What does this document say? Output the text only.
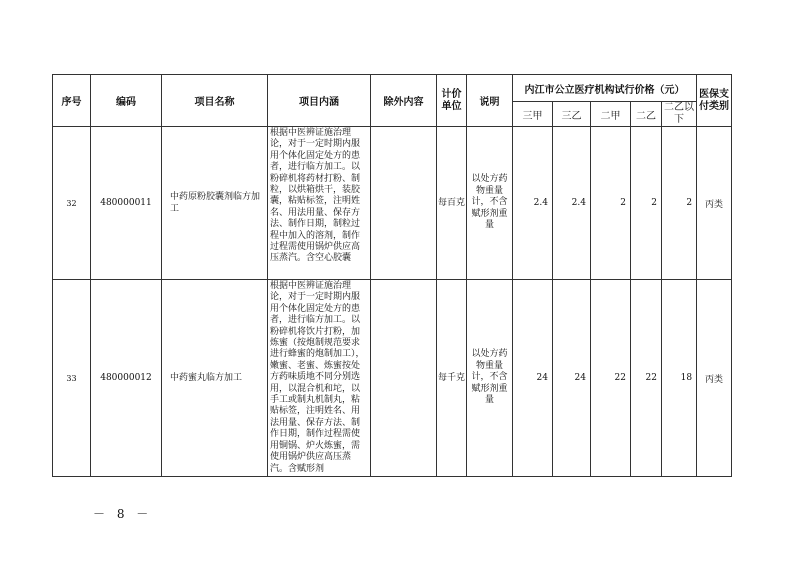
序号	编码	项目名称	项目内涵	除外内容	计价单位	说明	内江市公立医疗机构试行价格（元）					医保支付类别
							三甲	三乙	二甲	二乙	二乙以下	
32	480000011	中药原粉胶囊剂临方加工	根据中医辨证施治理论，对于一定时期内服用个体化固定处方的患者，进行临方加工。以粉碎机将药材打粉、制粒，以烘箱烘干，装胶囊，粘贴标签，注明姓名、用法用量、保存方法、制作日期，制粒过程中加入的溶剂，制作过程需使用锅炉供应高压蒸汽。含空心胶囊		每百克	以处方药物重量计，不含赋形剂重量	2.4	2.4	2	2	2	丙类
33	480000012	中药蜜丸临方加工	根据中医辨证施治理论，对于一定时期内服用个体化固定处方的患者，进行临方加工。以粉碎机将饮片打粉，加炼蜜（按炮制规范要求进行蜂蜜的炮制加工），嫩蜜、老蜜、炼蜜按处方药味质地不同分别选用，以混合机和坨，以手工或制丸机制丸，粘贴标签，注明姓名、用法用量、保存方法、制作日期，制作过程需使用铜锅、炉火炼蜜，需使用锅炉供应高压蒸汽。含赋形剂		每千克	以处方药物重量计，不含赋形剂重量	24	24	22	22	18	丙类
－ 8 －
